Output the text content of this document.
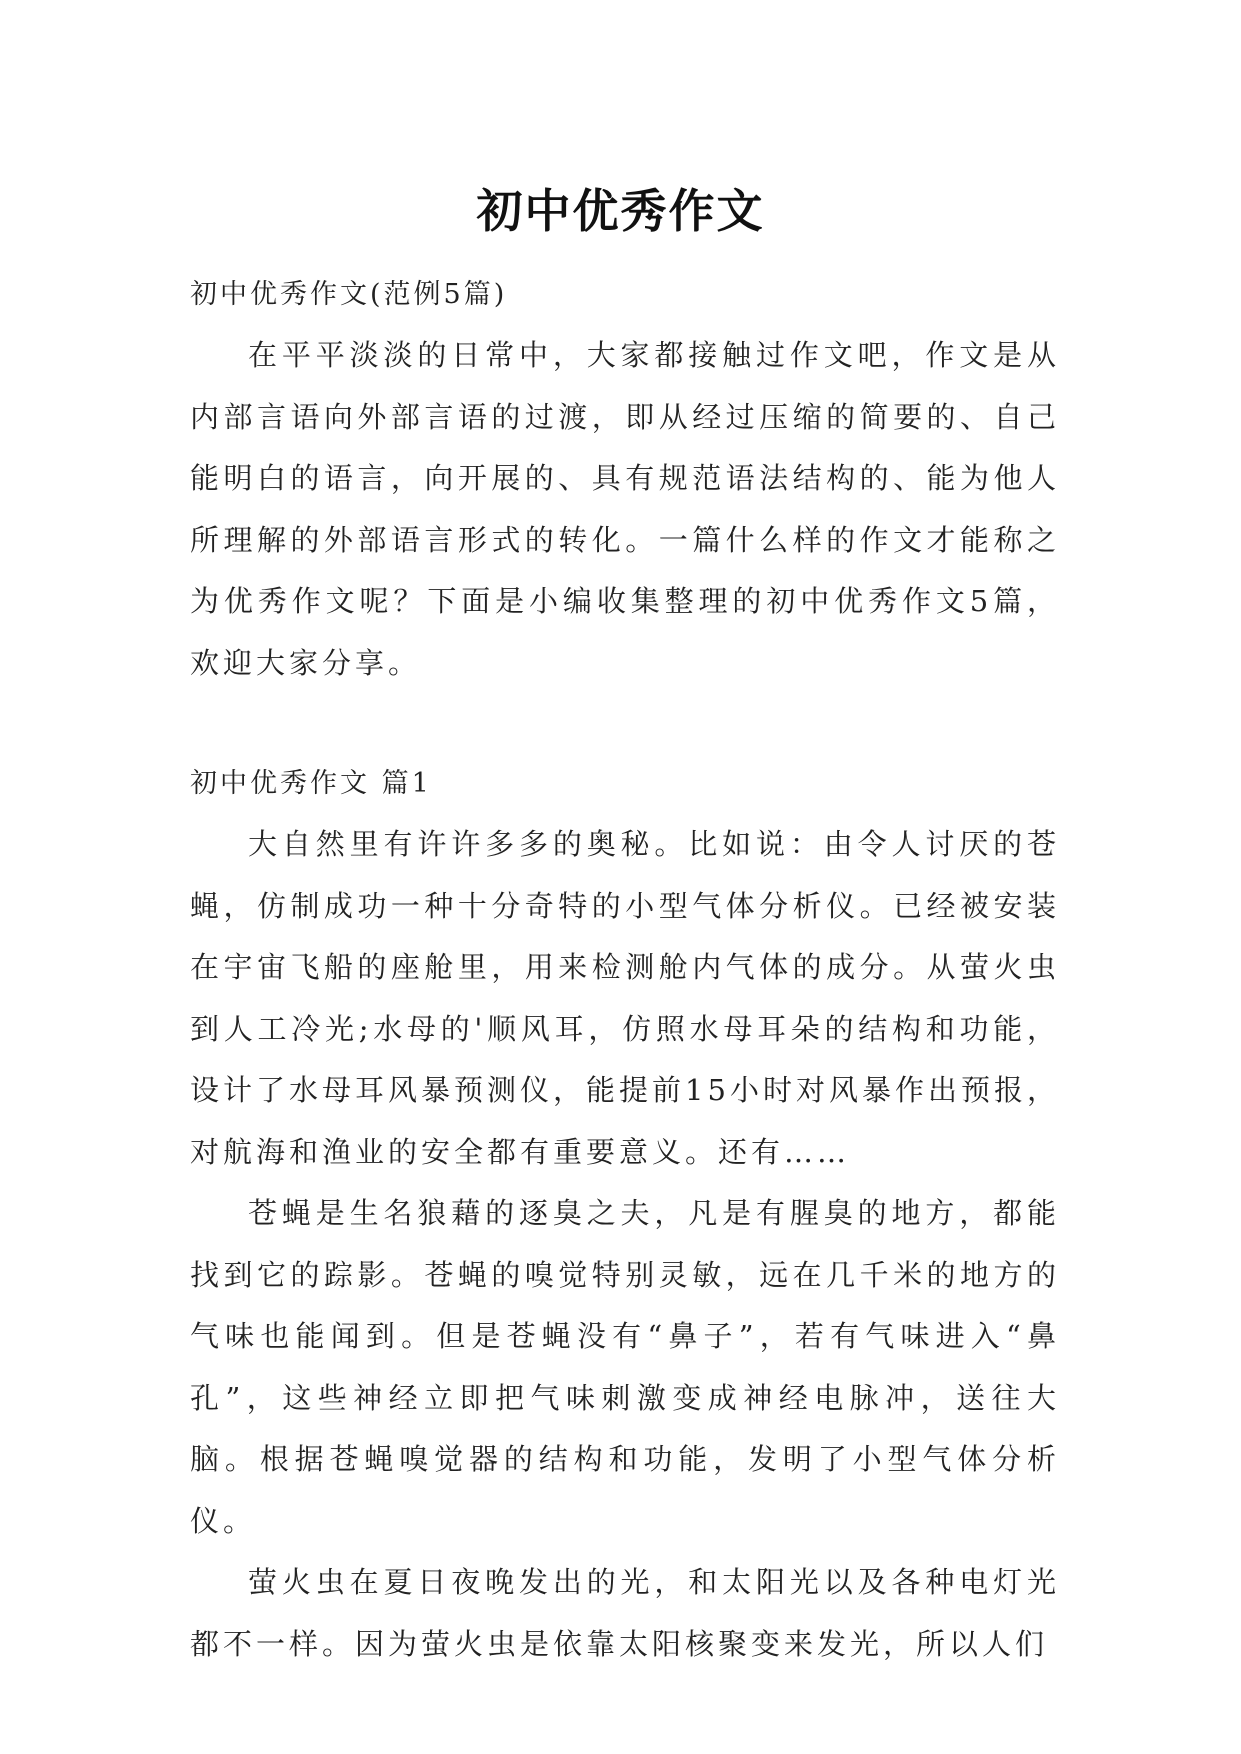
初中优秀作文

初中优秀作文(范例5篇)

在平平淡淡的日常中，大家都接触过作文吧，作文是从内部言语向外部言语的过渡，即从经过压缩的简要的、自己能明白的语言，向开展的、具有规范语法结构的、能为他人所理解的外部语言形式的转化。一篇什么样的作文才能称之为优秀作文呢？下面是小编收集整理的初中优秀作文5篇，欢迎大家分享。

初中优秀作文 篇1

大自然里有许许多多的奥秘。比如说：由令人讨厌的苍蝇，仿制成功一种十分奇特的小型气体分析仪。已经被安装在宇宙飞船的座舱里，用来检测舱内气体的成分。从萤火虫到人工冷光;水母的'顺风耳，仿照水母耳朵的结构和功能，设计了水母耳风暴预测仪，能提前15小时对风暴作出预报，对航海和渔业的安全都有重要意义。还有……

苍蝇是生名狼藉的逐臭之夫，凡是有腥臭的地方，都能找到它的踪影。苍蝇的嗅觉特别灵敏，远在几千米的地方的气味也能闻到。但是苍蝇没有“鼻子”，若有气味进入“鼻孔”，这些神经立即把气味刺激变成神经电脉冲，送往大脑。根据苍蝇嗅觉器的结构和功能，发明了小型气体分析仪。

萤火虫在夏日夜晚发出的光，和太阳光以及各种电灯光都不一样。因为萤火虫是依靠太阳核聚变来发光，所以人们
